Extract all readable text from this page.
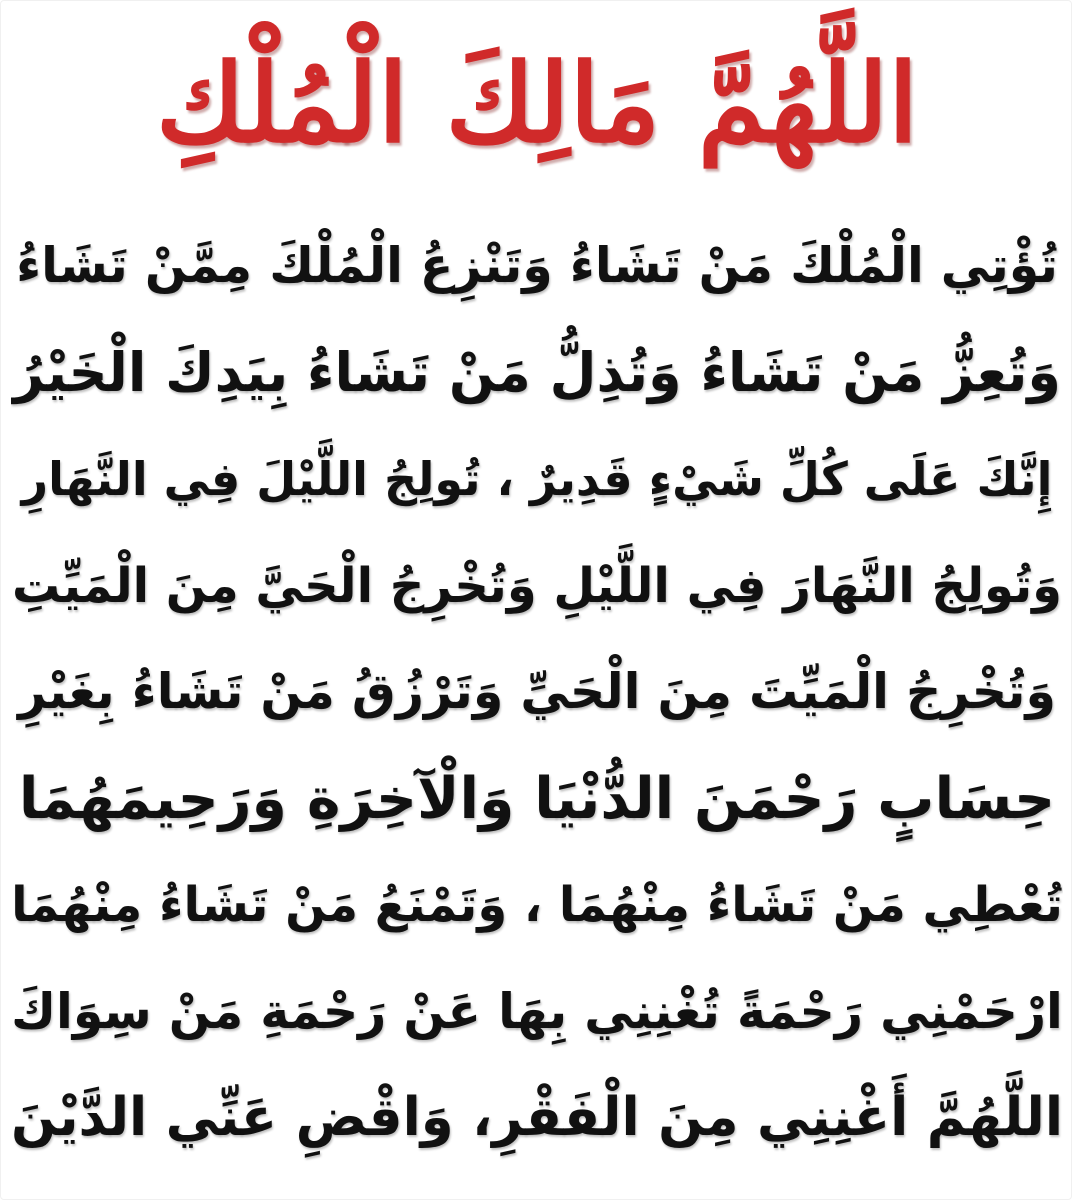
اللَّهُمَّ مَالِكَ الْمُلْكِ
تُؤْتِي الْمُلْكَ مَنْ تَشَاءُ وَتَنْزِعُ الْمُلْكَ مِمَّنْ تَشَاءُ
وَتُعِزُّ مَنْ تَشَاءُ وَتُذِلُّ مَنْ تَشَاءُ بِيَدِكَ الْخَيْرُ
إِنَّكَ عَلَى كُلِّ شَيْءٍ قَدِيرٌ ، تُولِجُ اللَّيْلَ فِي النَّهَارِ
وَتُولِجُ النَّهَارَ فِي اللَّيْلِ وَتُخْرِجُ الْحَيَّ مِنَ الْمَيِّتِ
وَتُخْرِجُ الْمَيِّتَ مِنَ الْحَيِّ وَتَرْزُقُ مَنْ تَشَاءُ بِغَيْرِ
حِسَابٍ رَحْمَنَ الدُّنْيَا وَالْآخِرَةِ وَرَحِيمَهُمَا
تُعْطِي مَنْ تَشَاءُ مِنْهُمَا ، وَتَمْنَعُ مَنْ تَشَاءُ مِنْهُمَا
ارْحَمْنِي رَحْمَةً تُغْنِنِي بِهَا عَنْ رَحْمَةِ مَنْ سِوَاكَ
اللَّهُمَّ أَغْنِنِي مِنَ الْفَقْرِ، وَاقْضِ عَنِّي الدَّيْنَ
